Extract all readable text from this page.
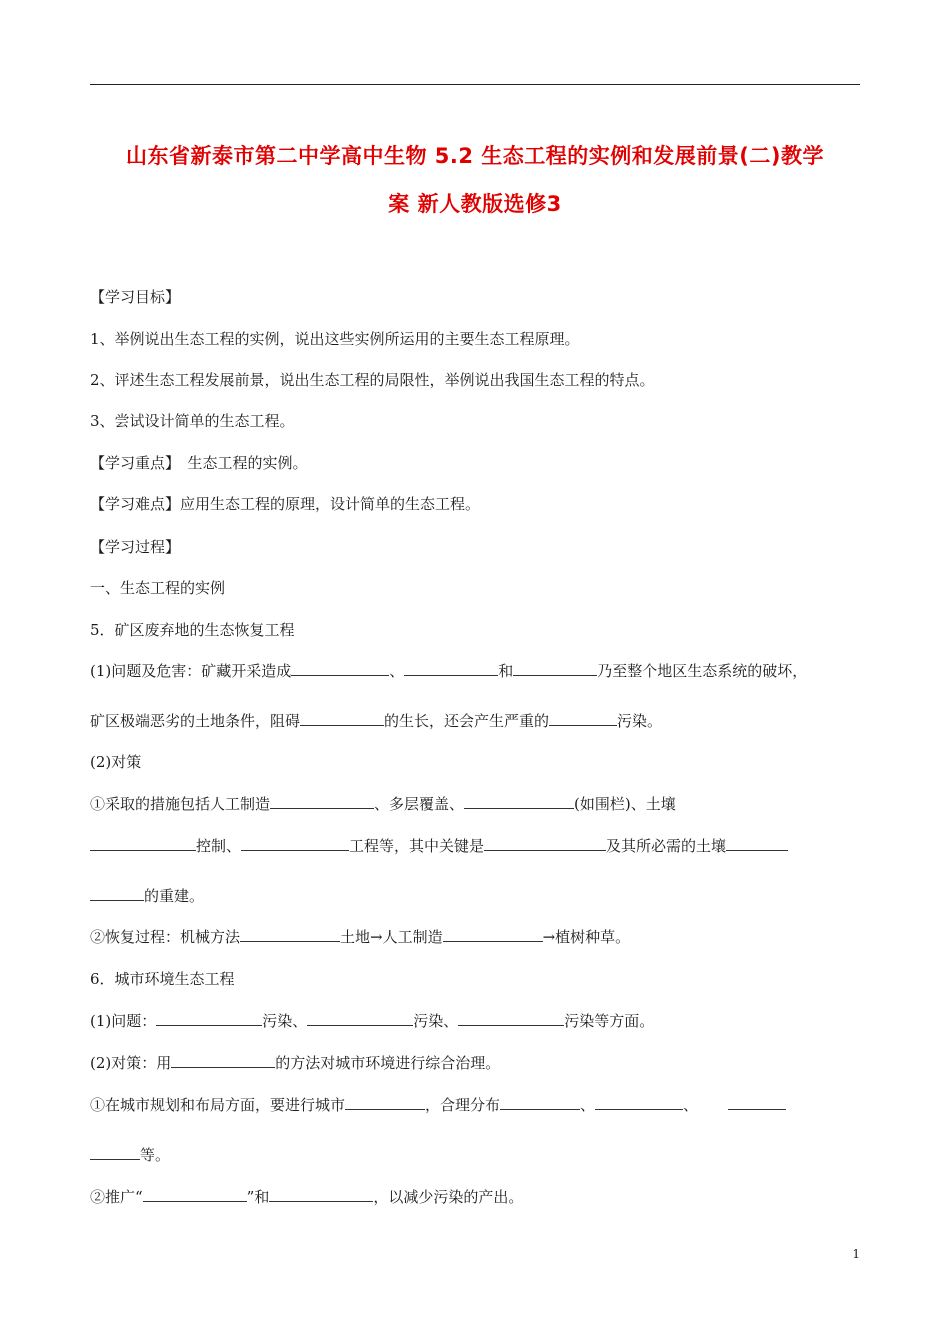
山东省新泰市第二中学高中生物 5.2 生态工程的实例和发展前景(二)教学
案 新人教版选修3
【学习目标】
1、举例说出生态工程的实例，说出这些实例所运用的主要生态工程原理。
2、评述生态工程发展前景，说出生态工程的局限性，举例说出我国生态工程的特点。
3、尝试设计简单的生态工程。
【学习重点】　生态工程的实例。
【学习难点】应用生态工程的原理，设计简单的生态工程。
【学习过程】
一、生态工程的实例
5．矿区废弃地的生态恢复工程
(1)问题及危害：矿藏开采造成	、	和	乃至整个地区生态系统的破坏，
矿区极端恶劣的土地条件，阻碍	的生长，还会产生严重的	污染。
(2)对策
①采取的措施包括人工制造	、多层覆盖、	(如围栏)、土壤
控制、	工程等，其中关键是	及其所必需的土壤
的重建。
②恢复过程：机械方法	土地→人工制造	→植树种草。
6．城市环境生态工程
(1)问题：	污染、	污染、	污染等方面。
(2)对策：用	的方法对城市环境进行综合治理。
①在城市规划和布局方面，要进行城市	，合理分布	、	、
等。
②推广“	”和	，以减少污染的产出。
1
